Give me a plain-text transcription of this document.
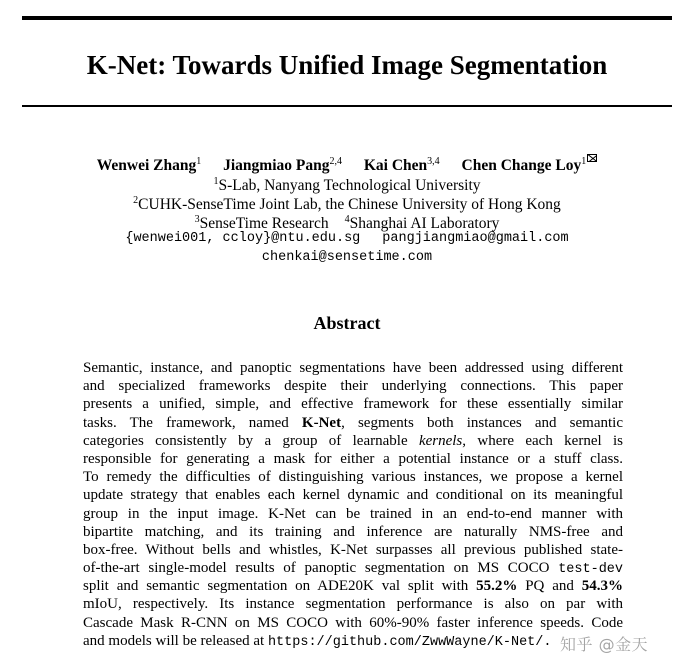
K-Net: Towards Unified Image Segmentation
Wenwei Zhang$^1$ Jiangmiao Pang$^{2,4}$ Kai Chen$^{3,4}$ Chen Change Loy$^1$
$^1$S-Lab, Nanyang Technological University
$^2$CUHK-SenseTime Joint Lab, the Chinese University of Hong Kong
$^3$SenseTime Research $^4$Shanghai AI Laboratory
{wenwei001, ccloy}@ntu.edu.sg pangjiangmiao@gmail.com
chenkai@sensetime.com
Abstract
Semantic, instance, and panoptic segmentations have been addressed using different
and specialized frameworks despite their underlying connections. This paper
presents a unified, simple, and effective framework for these essentially similar
tasks. The framework, named K-Net, segments both instances and semantic
categories consistently by a group of learnable kernels, where each kernel is
responsible for generating a mask for either a potential instance or a stuff class.
To remedy the difficulties of distinguishing various instances, we propose a kernel
update strategy that enables each kernel dynamic and conditional on its meaningful
group in the input image. K-Net can be trained in an end-to-end manner with
bipartite matching, and its training and inference are naturally NMS-free and
box-free. Without bells and whistles, K-Net surpasses all previous published state-
of-the-art single-model results of panoptic segmentation on MS COCO test-dev
split and semantic segmentation on ADE20K val split with 55.2% PQ and 54.3%
mIoU, respectively. Its instance segmentation performance is also on par with
Cascade Mask R-CNN on MS COCO with 60%-90% faster inference speeds. Code
and models will be released at https://github.com/ZwwWayne/K-Net/. 知乎 @金天
